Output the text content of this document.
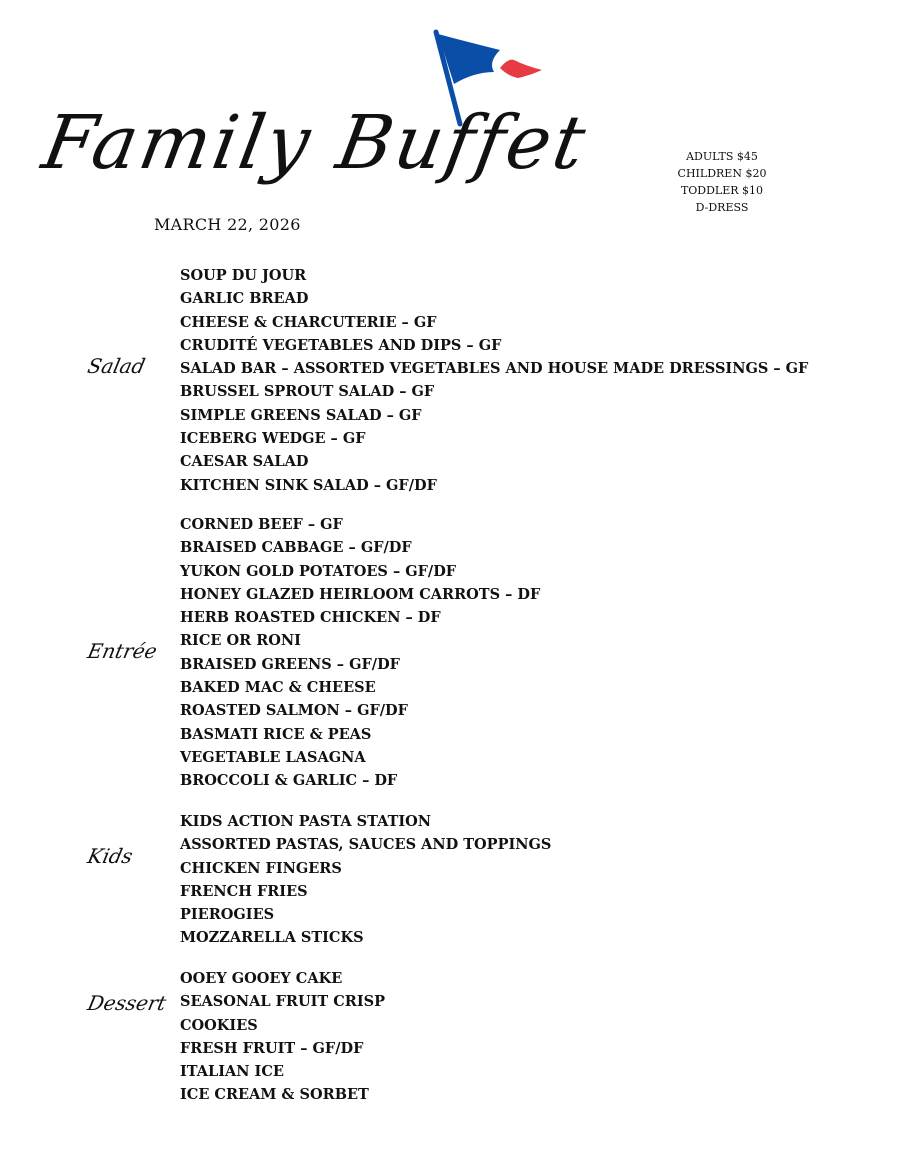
Family Buffet
MARCH 22, 2026
ADULTS $45
CHILDREN $20
TODDLER $10
D-DRESS
Salad
SOUP DU JOUR
GARLIC BREAD
CHEESE & CHARCUTERIE – GF
CRUDITÉ VEGETABLES AND DIPS – GF
SALAD BAR – ASSORTED VEGETABLES AND HOUSE MADE DRESSINGS – GF
BRUSSEL SPROUT SALAD – GF
SIMPLE GREENS SALAD – GF
ICEBERG WEDGE – GF
CAESAR SALAD
KITCHEN SINK SALAD – GF/DF
Entrée
CORNED BEEF – GF
BRAISED CABBAGE – GF/DF
YUKON GOLD POTATOES – GF/DF
HONEY GLAZED HEIRLOOM CARROTS – DF
HERB ROASTED CHICKEN – DF
RICE OR RONI
BRAISED GREENS – GF/DF
BAKED MAC & CHEESE
ROASTED SALMON – GF/DF
BASMATI RICE & PEAS
VEGETABLE LASAGNA
BROCCOLI & GARLIC – DF
Kids
KIDS ACTION PASTA STATION
ASSORTED PASTAS, SAUCES AND TOPPINGS
CHICKEN FINGERS
FRENCH FRIES
PIEROGIES
MOZZARELLA STICKS
Dessert
OOEY GOOEY CAKE
SEASONAL FRUIT CRISP
COOKIES
FRESH FRUIT – GF/DF
ITALIAN ICE
ICE CREAM & SORBET
